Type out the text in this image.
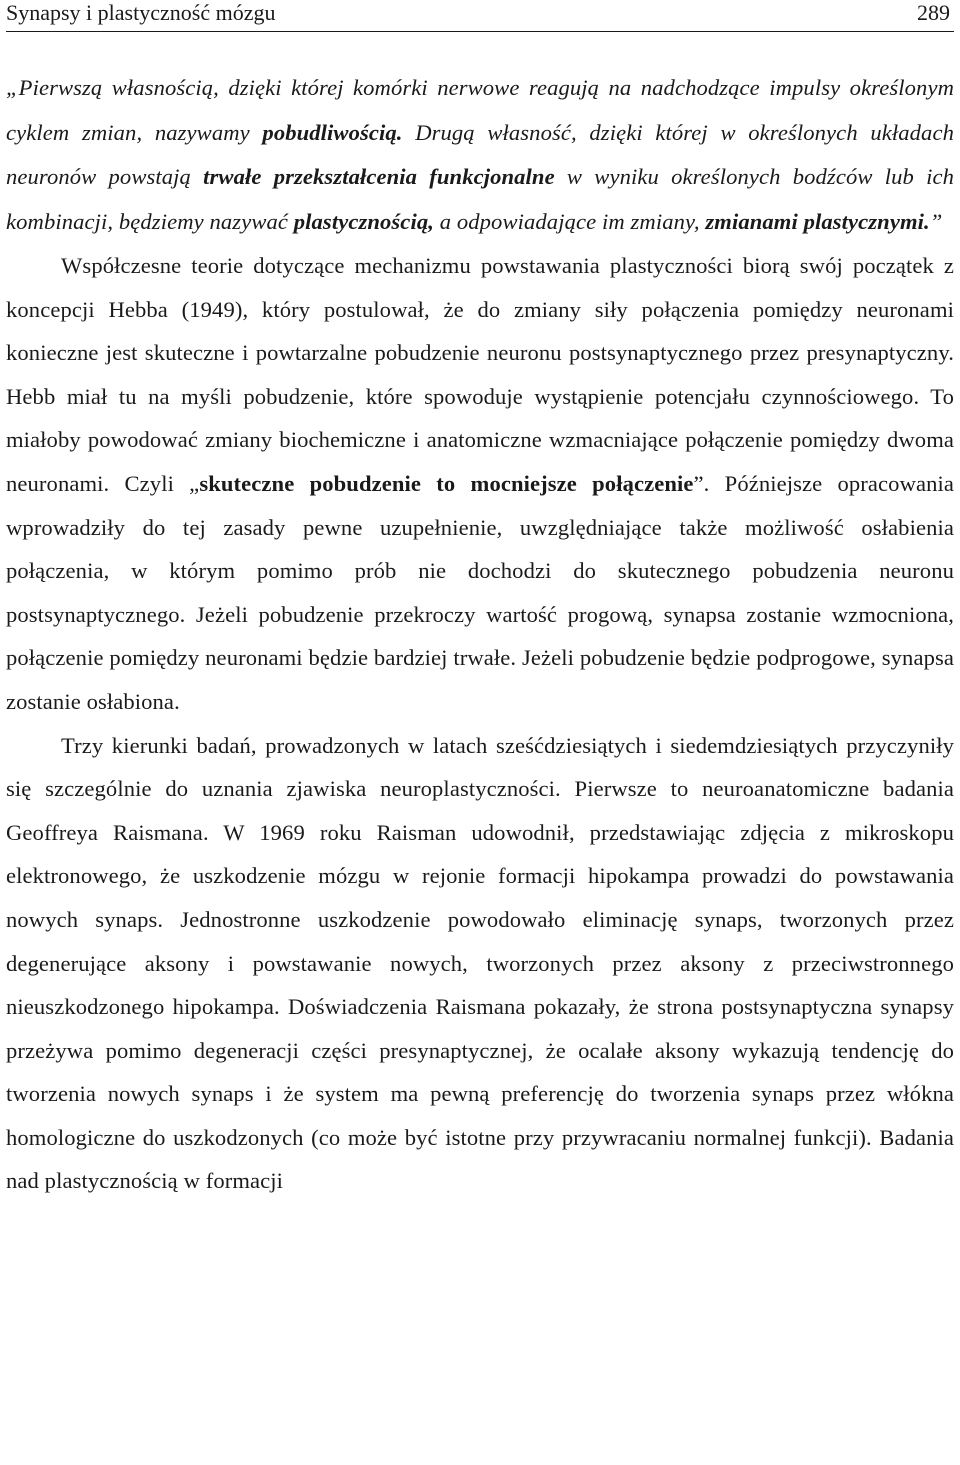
Synapsy i plastyczność mózgu	289

„Pierwszą własnością, dzięki której komórki nerwowe reagują na nadchodzące impulsy określonym cyklem zmian, nazywamy pobudliwością. Drugą własność, dzięki której w określonych układach neuronów powstają trwałe przekształcenia funkcjonalne w wyniku określonych bodźców lub ich kombinacji, będziemy nazywać plastycznością, a odpowiadające im zmiany, zmianami plastycznymi.”

Współczesne teorie dotyczące mechanizmu powstawania plastyczności biorą swój początek z koncepcji Hebba (1949), który postulował, że do zmiany siły połączenia pomiędzy neuronami konieczne jest skuteczne i powtarzalne pobudzenie neuronu postsynaptycznego przez presynaptyczny. Hebb miał tu na myśli pobudzenie, które spowoduje wystąpienie potencjału czynnościowego. To miałoby powodować zmiany biochemiczne i anatomiczne wzmacniające połączenie pomiędzy dwoma neuronami. Czyli „skuteczne pobudzenie to mocniejsze połączenie”. Późniejsze opracowania wprowadziły do tej zasady pewne uzupełnienie, uwzględniające także możliwość osłabienia połączenia, w którym pomimo prób nie dochodzi do skutecznego pobudzenia neuronu postsynaptycznego. Jeżeli pobudzenie przekroczy wartość progową, synapsa zostanie wzmocniona, połączenie pomiędzy neuronami będzie bardziej trwałe. Jeżeli pobudzenie będzie podprogowe, synapsa zostanie osłabiona.

Trzy kierunki badań, prowadzonych w latach sześćdziesiątych i siedemdziesiątych przyczyniły się szczególnie do uznania zjawiska neuroplastyczności. Pierwsze to neuroanatomiczne badania Geoffreya Raismana. W 1969 roku Raisman udowodnił, przedstawiając zdjęcia z mikroskopu elektronowego, że uszkodzenie mózgu w rejonie formacji hipokampa prowadzi do powstawania nowych synaps. Jednostronne uszkodzenie powodowało eliminację synaps, tworzonych przez degenerujące aksony i powstawanie nowych, tworzonych przez aksony z przeciwstronnego nieuszkodzonego hipokampa. Doświadczenia Raismana pokazały, że strona postsynaptyczna synapsy przeżywa pomimo degeneracji części presynaptycznej, że ocalałe aksony wykazują tendencję do tworzenia nowych synaps i że system ma pewną preferencję do tworzenia synaps przez włókna homologiczne do uszkodzonych (co może być istotne przy przywracaniu normalnej funkcji). Badania nad plastycznością w formacji
